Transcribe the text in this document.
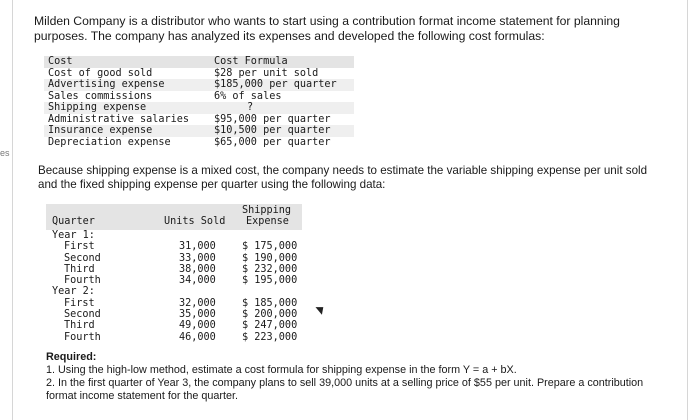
es
Milden Company is a distributor who wants to start using a contribution format income statement for planning purposes. The company has analyzed its expenses and developed the following cost formulas:
Cost	Cost Formula
Cost of good sold	$28 per unit sold
Advertising expense	$185,000 per quarter
Sales commissions	6% of sales
Shipping expense	?
Administrative salaries	$95,000 per quarter
Insurance expense	$10,500 per quarter
Depreciation expense	$65,000 per quarter
Because shipping expense is a mixed cost, the company needs to estimate the variable shipping expense per unit sold and the fixed shipping expense per quarter using the following data:
Quarter	Units Sold
Shipping
Expense
Year 1:
First	31,000	$ 175,000
Second	33,000	$ 190,000
Third	38,000	$ 232,000
Fourth	34,000	$ 195,000
Year 2:
First	32,000	$ 185,000
Second	35,000	$ 200,000
Third	49,000	$ 247,000
Fourth	46,000	$ 223,000
Required:
1. Using the high-low method, estimate a cost formula for shipping expense in the form Y = a + bX.
2. In the first quarter of Year 3, the company plans to sell 39,000 units at a selling price of $55 per unit. Prepare a contribution format income statement for the quarter.
